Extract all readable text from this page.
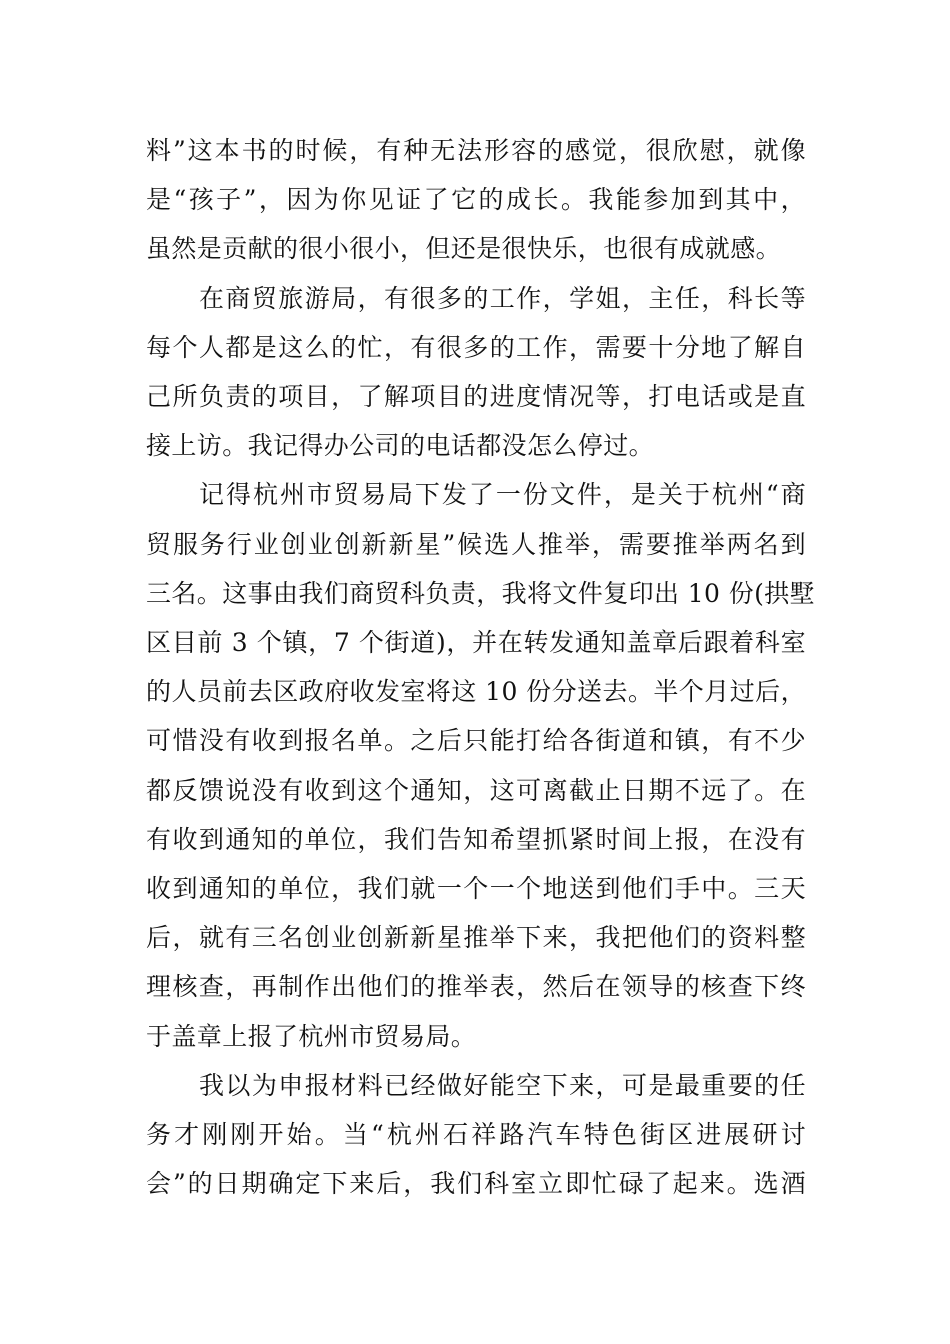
料”这本书的时候，有种无法形容的感觉，很欣慰，就像
是“孩子”，因为你见证了它的成长。我能参加到其中，
虽然是贡献的很小很小，但还是很快乐，也很有成就感。

在商贸旅游局，有很多的工作，学姐，主任，科长等
每个人都是这么的忙，有很多的工作，需要十分地了解自
己所负责的项目，了解项目的进度情况等，打电话或是直
接上访。我记得办公司的电话都没怎么停过。

记得杭州市贸易局下发了一份文件，是关于杭州“商
贸服务行业创业创新新星”候选人推举，需要推举两名到
三名。这事由我们商贸科负责，我将文件复印出 10 份(拱墅
区目前 3 个镇，7 个街道)，并在转发通知盖章后跟着科室
的人员前去区政府收发室将这 10 份分送去。半个月过后，
可惜没有收到报名单。之后只能打给各街道和镇，有不少
都反馈说没有收到这个通知，这可离截止日期不远了。在
有收到通知的单位，我们告知希望抓紧时间上报，在没有
收到通知的单位，我们就一个一个地送到他们手中。三天
后，就有三名创业创新新星推举下来，我把他们的资料整
理核查，再制作出他们的推举表，然后在领导的核查下终
于盖章上报了杭州市贸易局。

我以为申报材料已经做好能空下来，可是最重要的任
务才刚刚开始。当“杭州石祥路汽车特色街区进展研讨
会”的日期确定下来后，我们科室立即忙碌了起来。选酒
